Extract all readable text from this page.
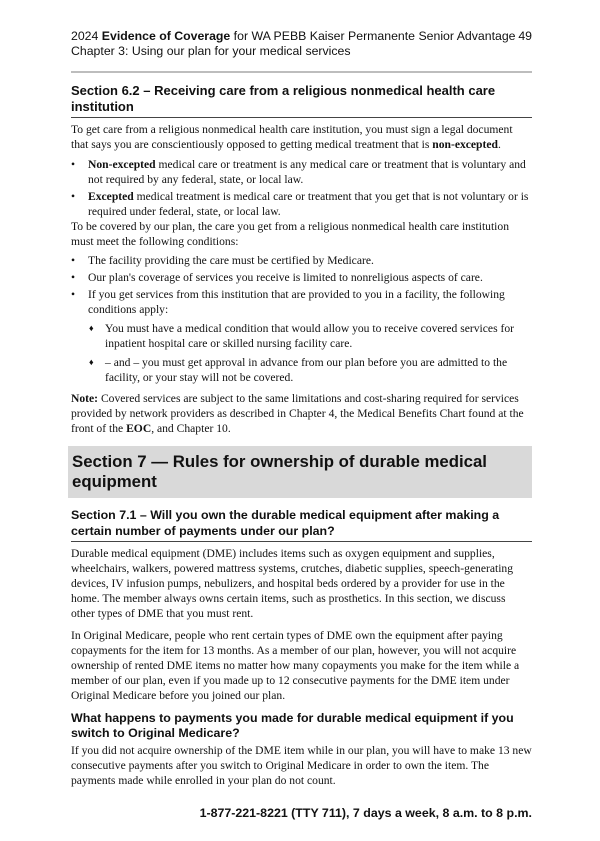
2024 Evidence of Coverage for WA PEBB Kaiser Permanente Senior Advantage
Chapter 3: Using our plan for your medical services
49
Section 6.2 – Receiving care from a religious nonmedical health care institution

To get care from a religious nonmedical health care institution, you must sign a legal document that says you are conscientiously opposed to getting medical treatment that is non-excepted.

• Non-excepted medical care or treatment is any medical care or treatment that is voluntary and not required by any federal, state, or local law.
• Excepted medical treatment is medical care or treatment that you get that is not voluntary or is required under federal, state, or local law.

To be covered by our plan, the care you get from a religious nonmedical health care institution must meet the following conditions:

• The facility providing the care must be certified by Medicare.
• Our plan's coverage of services you receive is limited to nonreligious aspects of care.
• If you get services from this institution that are provided to you in a facility, the following conditions apply:
♦ You must have a medical condition that would allow you to receive covered services for inpatient hospital care or skilled nursing facility care.
♦ – and – you must get approval in advance from our plan before you are admitted to the facility, or your stay will not be covered.

Note: Covered services are subject to the same limitations and cost-sharing required for services provided by network providers as described in Chapter 4, the Medical Benefits Chart found at the front of the EOC, and Chapter 10.

Section 7 — Rules for ownership of durable medical equipment
Section 7.1 – Will you own the durable medical equipment after making a certain number of payments under our plan?

Durable medical equipment (DME) includes items such as oxygen equipment and supplies, wheelchairs, walkers, powered mattress systems, crutches, diabetic supplies, speech-generating devices, IV infusion pumps, nebulizers, and hospital beds ordered by a provider for use in the home. The member always owns certain items, such as prosthetics. In this section, we discuss other types of DME that you must rent.

In Original Medicare, people who rent certain types of DME own the equipment after paying copayments for the item for 13 months. As a member of our plan, however, you will not acquire ownership of rented DME items no matter how many copayments you make for the item while a member of our plan, even if you made up to 12 consecutive payments for the DME item under Original Medicare before you joined our plan.

What happens to payments you made for durable medical equipment if you switch to Original Medicare?

If you did not acquire ownership of the DME item while in our plan, you will have to make 13 new consecutive payments after you switch to Original Medicare in order to own the item. The payments made while enrolled in your plan do not count.

1-877-221-8221 (TTY 711), 7 days a week, 8 a.m. to 8 p.m.
